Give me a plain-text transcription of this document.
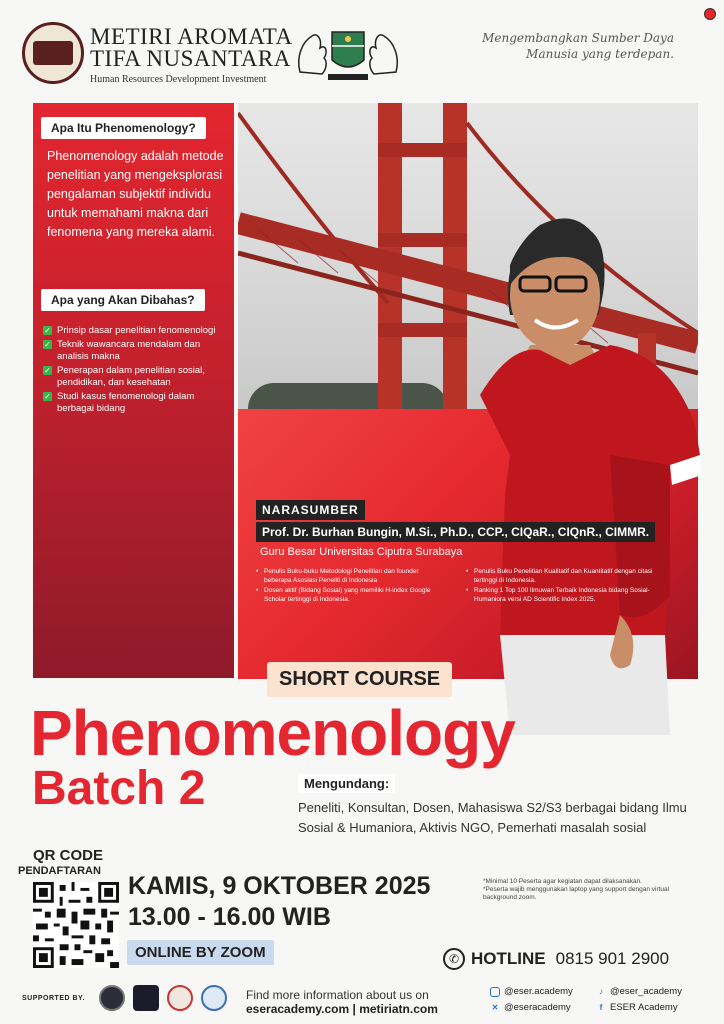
METIRI AROMATA
TIFA NUSANTARA
Human Resources Development Investment
Mengembangkan Sumber Daya
Manusia yang terdepan.
Apa Itu Phenomenology?
Phenomenology adalah metode penelitian yang mengeksplorasi pengalaman subjektif individu untuk memahami makna dari fenomena yang mereka alami.
Apa yang Akan Dibahas?
✓ Prinsip dasar penelitian fenomenologi
✓ Teknik wawancara mendalam dan analisis makna
✓ Penerapan dalam penelitian sosial, pendidikan, dan kesehatan
✓ Studi kasus fenomenologi dalam berbagai bidang
NARASUMBER
Prof. Dr. Burhan Bungin, M.Si., Ph.D., CCP., CIQaR., CIQnR., CIMMR.
Guru Besar Universitas Ciputra Surabaya
• Penulis Buku-buku Metodologi Penelitian dan founder beberapa Asosiasi Peneliti di Indonesia
• Dosen aktif (Bidang Sosial) yang memiliki H-index Google Scholar tertinggi di Indonesia.
• Penulis Buku Penelitian Kualitatif dan Kuantitatif dengan citasi tertinggi di Indonesia.
• Ranking 1 Top 100 Ilmuwan Terbaik Indonesia bidang Sosial-Humaniora versi AD Scientific Index 2025.
SHORT COURSE
Phenomenology
Batch 2	Mengundang:
Peneliti, Konsultan, Dosen, Mahasiswa S2/S3 berbagai bidang Ilmu Sosial & Humaniora, Aktivis NGO, Pemerhati masalah sosial
QR CODE
PENDAFTARAN
KAMIS, 9 OKTOBER 2025
13.00 - 16.00 WIB
ONLINE BY ZOOM
*Minimal 10 Peserta agar kegiatan dapat dilaksanakan.
*Peserta wajib menggunakan laptop yang support dengan virtual background zoom.
✆ HOTLINE 0815 901 2900
SUPPORTED BY.	Find more information about us on
eseracademy.com | metiriatn.com
@eser.academy
✕ @eseracademy
♪ @eser_academy
f ESER Academy
